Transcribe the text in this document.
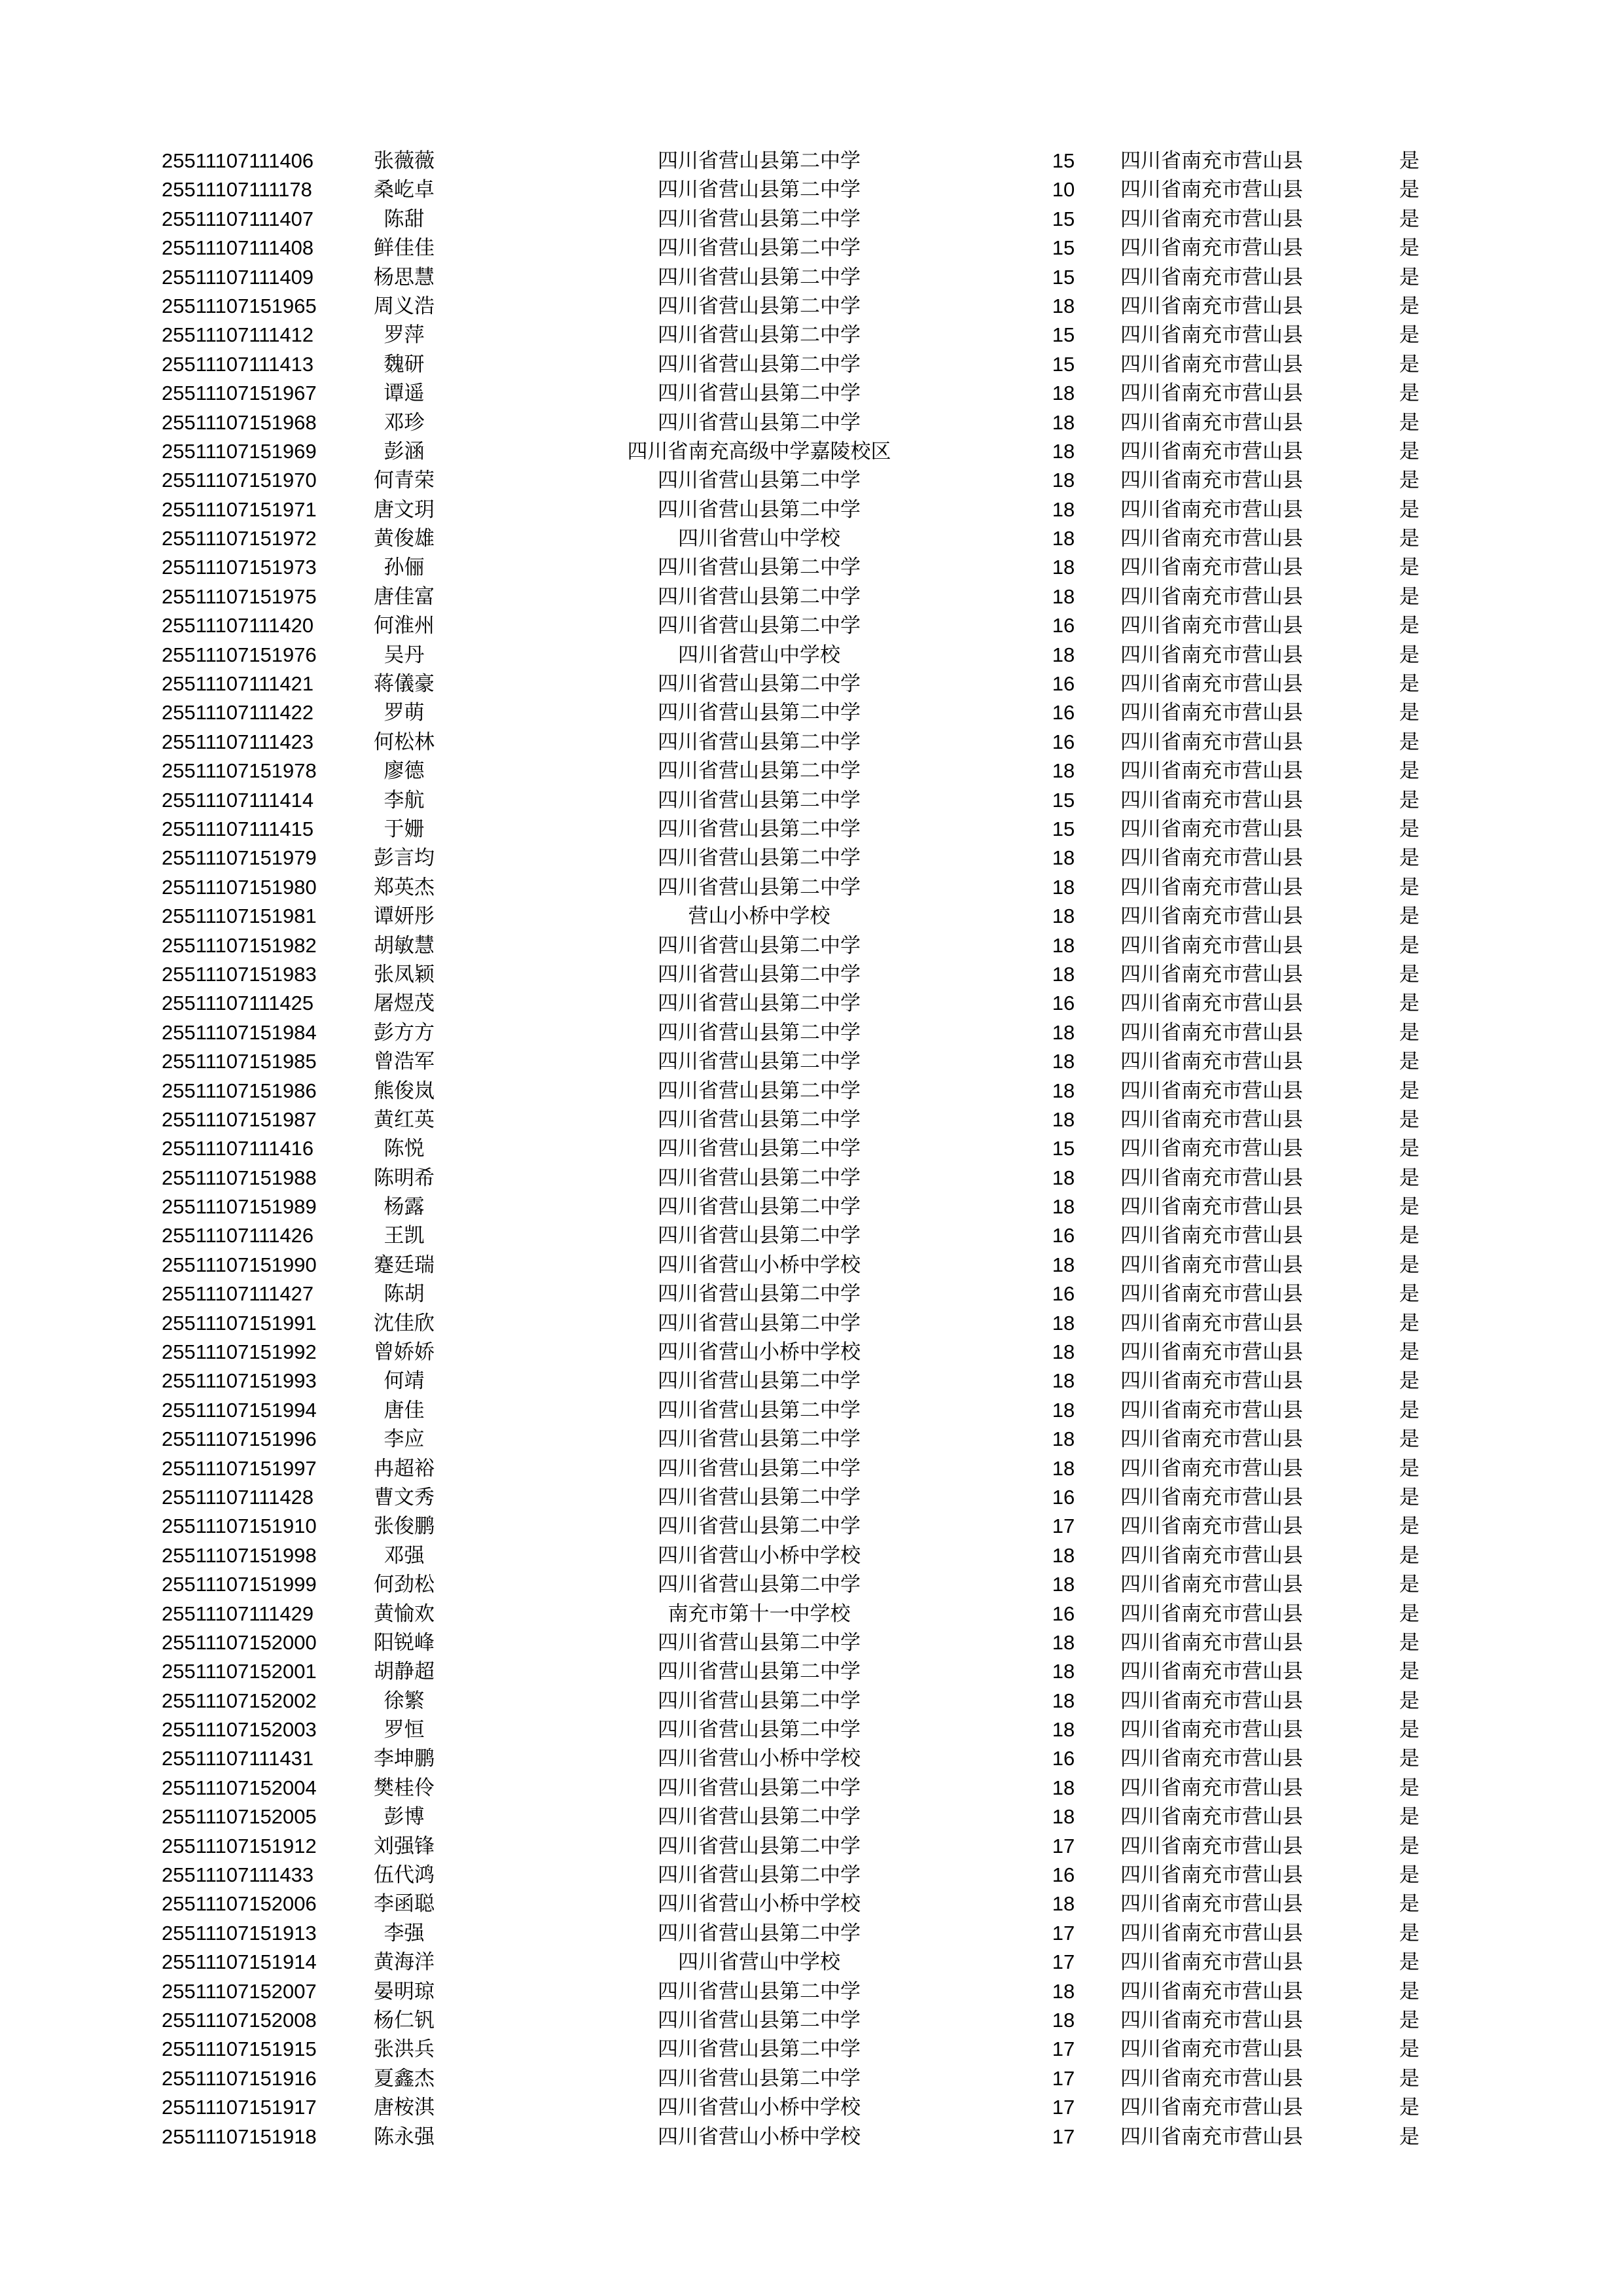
25511107111406	张薇薇	四川省营山县第二中学	15	四川省南充市营山县	是
25511107111178	桑屹卓	四川省营山县第二中学	10	四川省南充市营山县	是
25511107111407	陈甜	四川省营山县第二中学	15	四川省南充市营山县	是
25511107111408	鲜佳佳	四川省营山县第二中学	15	四川省南充市营山县	是
25511107111409	杨思慧	四川省营山县第二中学	15	四川省南充市营山县	是
25511107151965	周义浩	四川省营山县第二中学	18	四川省南充市营山县	是
25511107111412	罗萍	四川省营山县第二中学	15	四川省南充市营山县	是
25511107111413	魏研	四川省营山县第二中学	15	四川省南充市营山县	是
25511107151967	谭遥	四川省营山县第二中学	18	四川省南充市营山县	是
25511107151968	邓珍	四川省营山县第二中学	18	四川省南充市营山县	是
25511107151969	彭涵	四川省南充高级中学嘉陵校区	18	四川省南充市营山县	是
25511107151970	何青荣	四川省营山县第二中学	18	四川省南充市营山县	是
25511107151971	唐文玥	四川省营山县第二中学	18	四川省南充市营山县	是
25511107151972	黄俊雄	四川省营山中学校	18	四川省南充市营山县	是
25511107151973	孙俪	四川省营山县第二中学	18	四川省南充市营山县	是
25511107151975	唐佳富	四川省营山县第二中学	18	四川省南充市营山县	是
25511107111420	何淮州	四川省营山县第二中学	16	四川省南充市营山县	是
25511107151976	吴丹	四川省营山中学校	18	四川省南充市营山县	是
25511107111421	蒋儀豪	四川省营山县第二中学	16	四川省南充市营山县	是
25511107111422	罗萌	四川省营山县第二中学	16	四川省南充市营山县	是
25511107111423	何松林	四川省营山县第二中学	16	四川省南充市营山县	是
25511107151978	廖德	四川省营山县第二中学	18	四川省南充市营山县	是
25511107111414	李航	四川省营山县第二中学	15	四川省南充市营山县	是
25511107111415	于姗	四川省营山县第二中学	15	四川省南充市营山县	是
25511107151979	彭言均	四川省营山县第二中学	18	四川省南充市营山县	是
25511107151980	郑英杰	四川省营山县第二中学	18	四川省南充市营山县	是
25511107151981	谭妍彤	营山小桥中学校	18	四川省南充市营山县	是
25511107151982	胡敏慧	四川省营山县第二中学	18	四川省南充市营山县	是
25511107151983	张凤颖	四川省营山县第二中学	18	四川省南充市营山县	是
25511107111425	屠煜茂	四川省营山县第二中学	16	四川省南充市营山县	是
25511107151984	彭方方	四川省营山县第二中学	18	四川省南充市营山县	是
25511107151985	曾浩军	四川省营山县第二中学	18	四川省南充市营山县	是
25511107151986	熊俊岚	四川省营山县第二中学	18	四川省南充市营山县	是
25511107151987	黄红英	四川省营山县第二中学	18	四川省南充市营山县	是
25511107111416	陈悦	四川省营山县第二中学	15	四川省南充市营山县	是
25511107151988	陈明希	四川省营山县第二中学	18	四川省南充市营山县	是
25511107151989	杨露	四川省营山县第二中学	18	四川省南充市营山县	是
25511107111426	王凯	四川省营山县第二中学	16	四川省南充市营山县	是
25511107151990	蹇廷瑞	四川省营山小桥中学校	18	四川省南充市营山县	是
25511107111427	陈胡	四川省营山县第二中学	16	四川省南充市营山县	是
25511107151991	沈佳欣	四川省营山县第二中学	18	四川省南充市营山县	是
25511107151992	曾娇娇	四川省营山小桥中学校	18	四川省南充市营山县	是
25511107151993	何靖	四川省营山县第二中学	18	四川省南充市营山县	是
25511107151994	唐佳	四川省营山县第二中学	18	四川省南充市营山县	是
25511107151996	李应	四川省营山县第二中学	18	四川省南充市营山县	是
25511107151997	冉超裕	四川省营山县第二中学	18	四川省南充市营山县	是
25511107111428	曹文秀	四川省营山县第二中学	16	四川省南充市营山县	是
25511107151910	张俊鹏	四川省营山县第二中学	17	四川省南充市营山县	是
25511107151998	邓强	四川省营山小桥中学校	18	四川省南充市营山县	是
25511107151999	何劲松	四川省营山县第二中学	18	四川省南充市营山县	是
25511107111429	黄愉欢	南充市第十一中学校	16	四川省南充市营山县	是
25511107152000	阳锐峰	四川省营山县第二中学	18	四川省南充市营山县	是
25511107152001	胡静超	四川省营山县第二中学	18	四川省南充市营山县	是
25511107152002	徐繁	四川省营山县第二中学	18	四川省南充市营山县	是
25511107152003	罗恒	四川省营山县第二中学	18	四川省南充市营山县	是
25511107111431	李坤鹏	四川省营山小桥中学校	16	四川省南充市营山县	是
25511107152004	樊桂伶	四川省营山县第二中学	18	四川省南充市营山县	是
25511107152005	彭博	四川省营山县第二中学	18	四川省南充市营山县	是
25511107151912	刘强锋	四川省营山县第二中学	17	四川省南充市营山县	是
25511107111433	伍代鸿	四川省营山县第二中学	16	四川省南充市营山县	是
25511107152006	李函聪	四川省营山小桥中学校	18	四川省南充市营山县	是
25511107151913	李强	四川省营山县第二中学	17	四川省南充市营山县	是
25511107151914	黄海洋	四川省营山中学校	17	四川省南充市营山县	是
25511107152007	晏明琼	四川省营山县第二中学	18	四川省南充市营山县	是
25511107152008	杨仁钒	四川省营山县第二中学	18	四川省南充市营山县	是
25511107151915	张洪兵	四川省营山县第二中学	17	四川省南充市营山县	是
25511107151916	夏鑫杰	四川省营山县第二中学	17	四川省南充市营山县	是
25511107151917	唐桉淇	四川省营山小桥中学校	17	四川省南充市营山县	是
25511107151918	陈永强	四川省营山小桥中学校	17	四川省南充市营山县	是
